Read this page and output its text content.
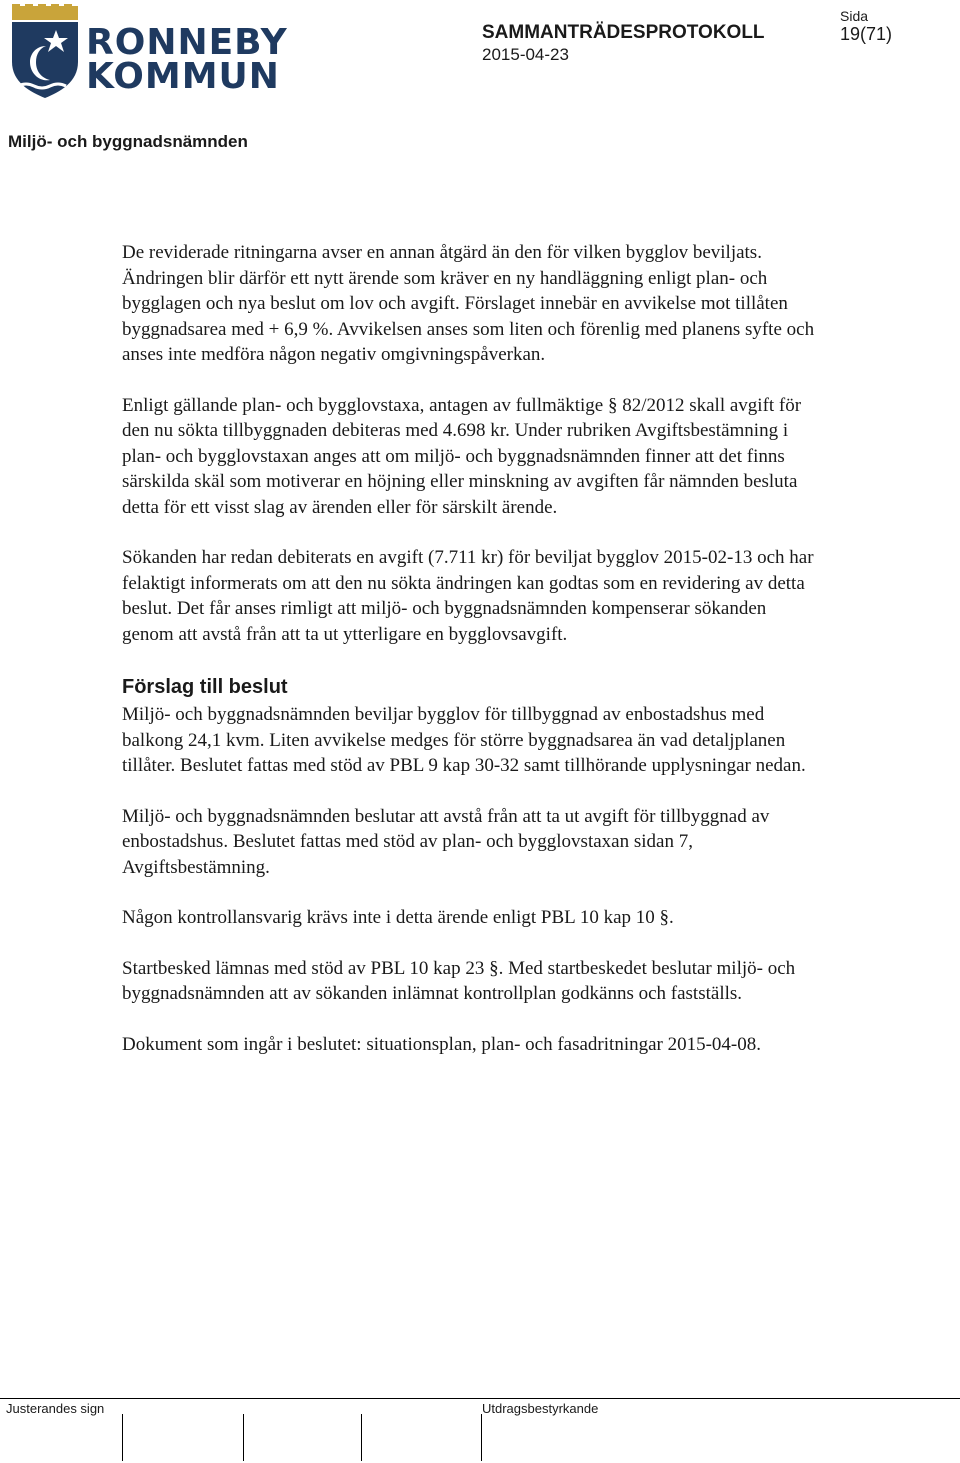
RONNEBY
KOMMUN
SAMMANTRÄDESPROTOKOLL
2015-04-23
Sida
19(71)
Miljö- och byggnadsnämnden

De reviderade ritningarna avser en annan åtgärd än den för vilken bygglov beviljats. Ändringen blir därför ett nytt ärende som kräver en ny handläggning enligt plan- och bygglagen och nya beslut om lov och avgift. Förslaget innebär en avvikelse mot tillåten byggnadsarea med + 6,9 %. Avvikelsen anses som liten och förenlig med planens syfte och anses inte medföra någon negativ omgivningspåverkan.

Enligt gällande plan- och bygglovstaxa, antagen av fullmäktige § 82/2012 skall avgift för den nu sökta tillbyggnaden debiteras med 4.698 kr. Under rubriken Avgiftsbestämning i plan- och bygglovstaxan anges att om miljö- och byggnadsnämnden finner att det finns särskilda skäl som motiverar en höjning eller minskning av avgiften får nämnden besluta detta för ett visst slag av ärenden eller för särskilt ärende.

Sökanden har redan debiterats en avgift (7.711 kr) för beviljat bygglov 2015-02-13 och har felaktigt informerats om att den nu sökta ändringen kan godtas som en revidering av detta beslut. Det får anses rimligt att miljö- och byggnadsnämnden kompenserar sökanden genom att avstå från att ta ut ytterligare en bygglovsavgift.

Förslag till beslut

Miljö- och byggnadsnämnden beviljar bygglov för tillbyggnad av enbostadshus med balkong 24,1 kvm. Liten avvikelse medges för större byggnadsarea än vad detaljplanen tillåter. Beslutet fattas med stöd av PBL 9 kap 30-32 samt tillhörande upplysningar nedan.

Miljö- och byggnadsnämnden beslutar att avstå från att ta ut avgift för tillbyggnad av enbostadshus. Beslutet fattas med stöd av plan- och bygglovstaxan sidan 7, Avgiftsbestämning.

Någon kontrollansvarig krävs inte i detta ärende enligt PBL 10 kap 10 §.

Startbesked lämnas med stöd av PBL 10 kap 23 §. Med startbeskedet beslutar miljö- och byggnadsnämnden att av sökanden inlämnat kontrollplan godkänns och fastställs.

Dokument som ingår i beslutet: situationsplan, plan- och fasadritningar 2015-04-08.

Justerandes sign	Utdragsbestyrkande
